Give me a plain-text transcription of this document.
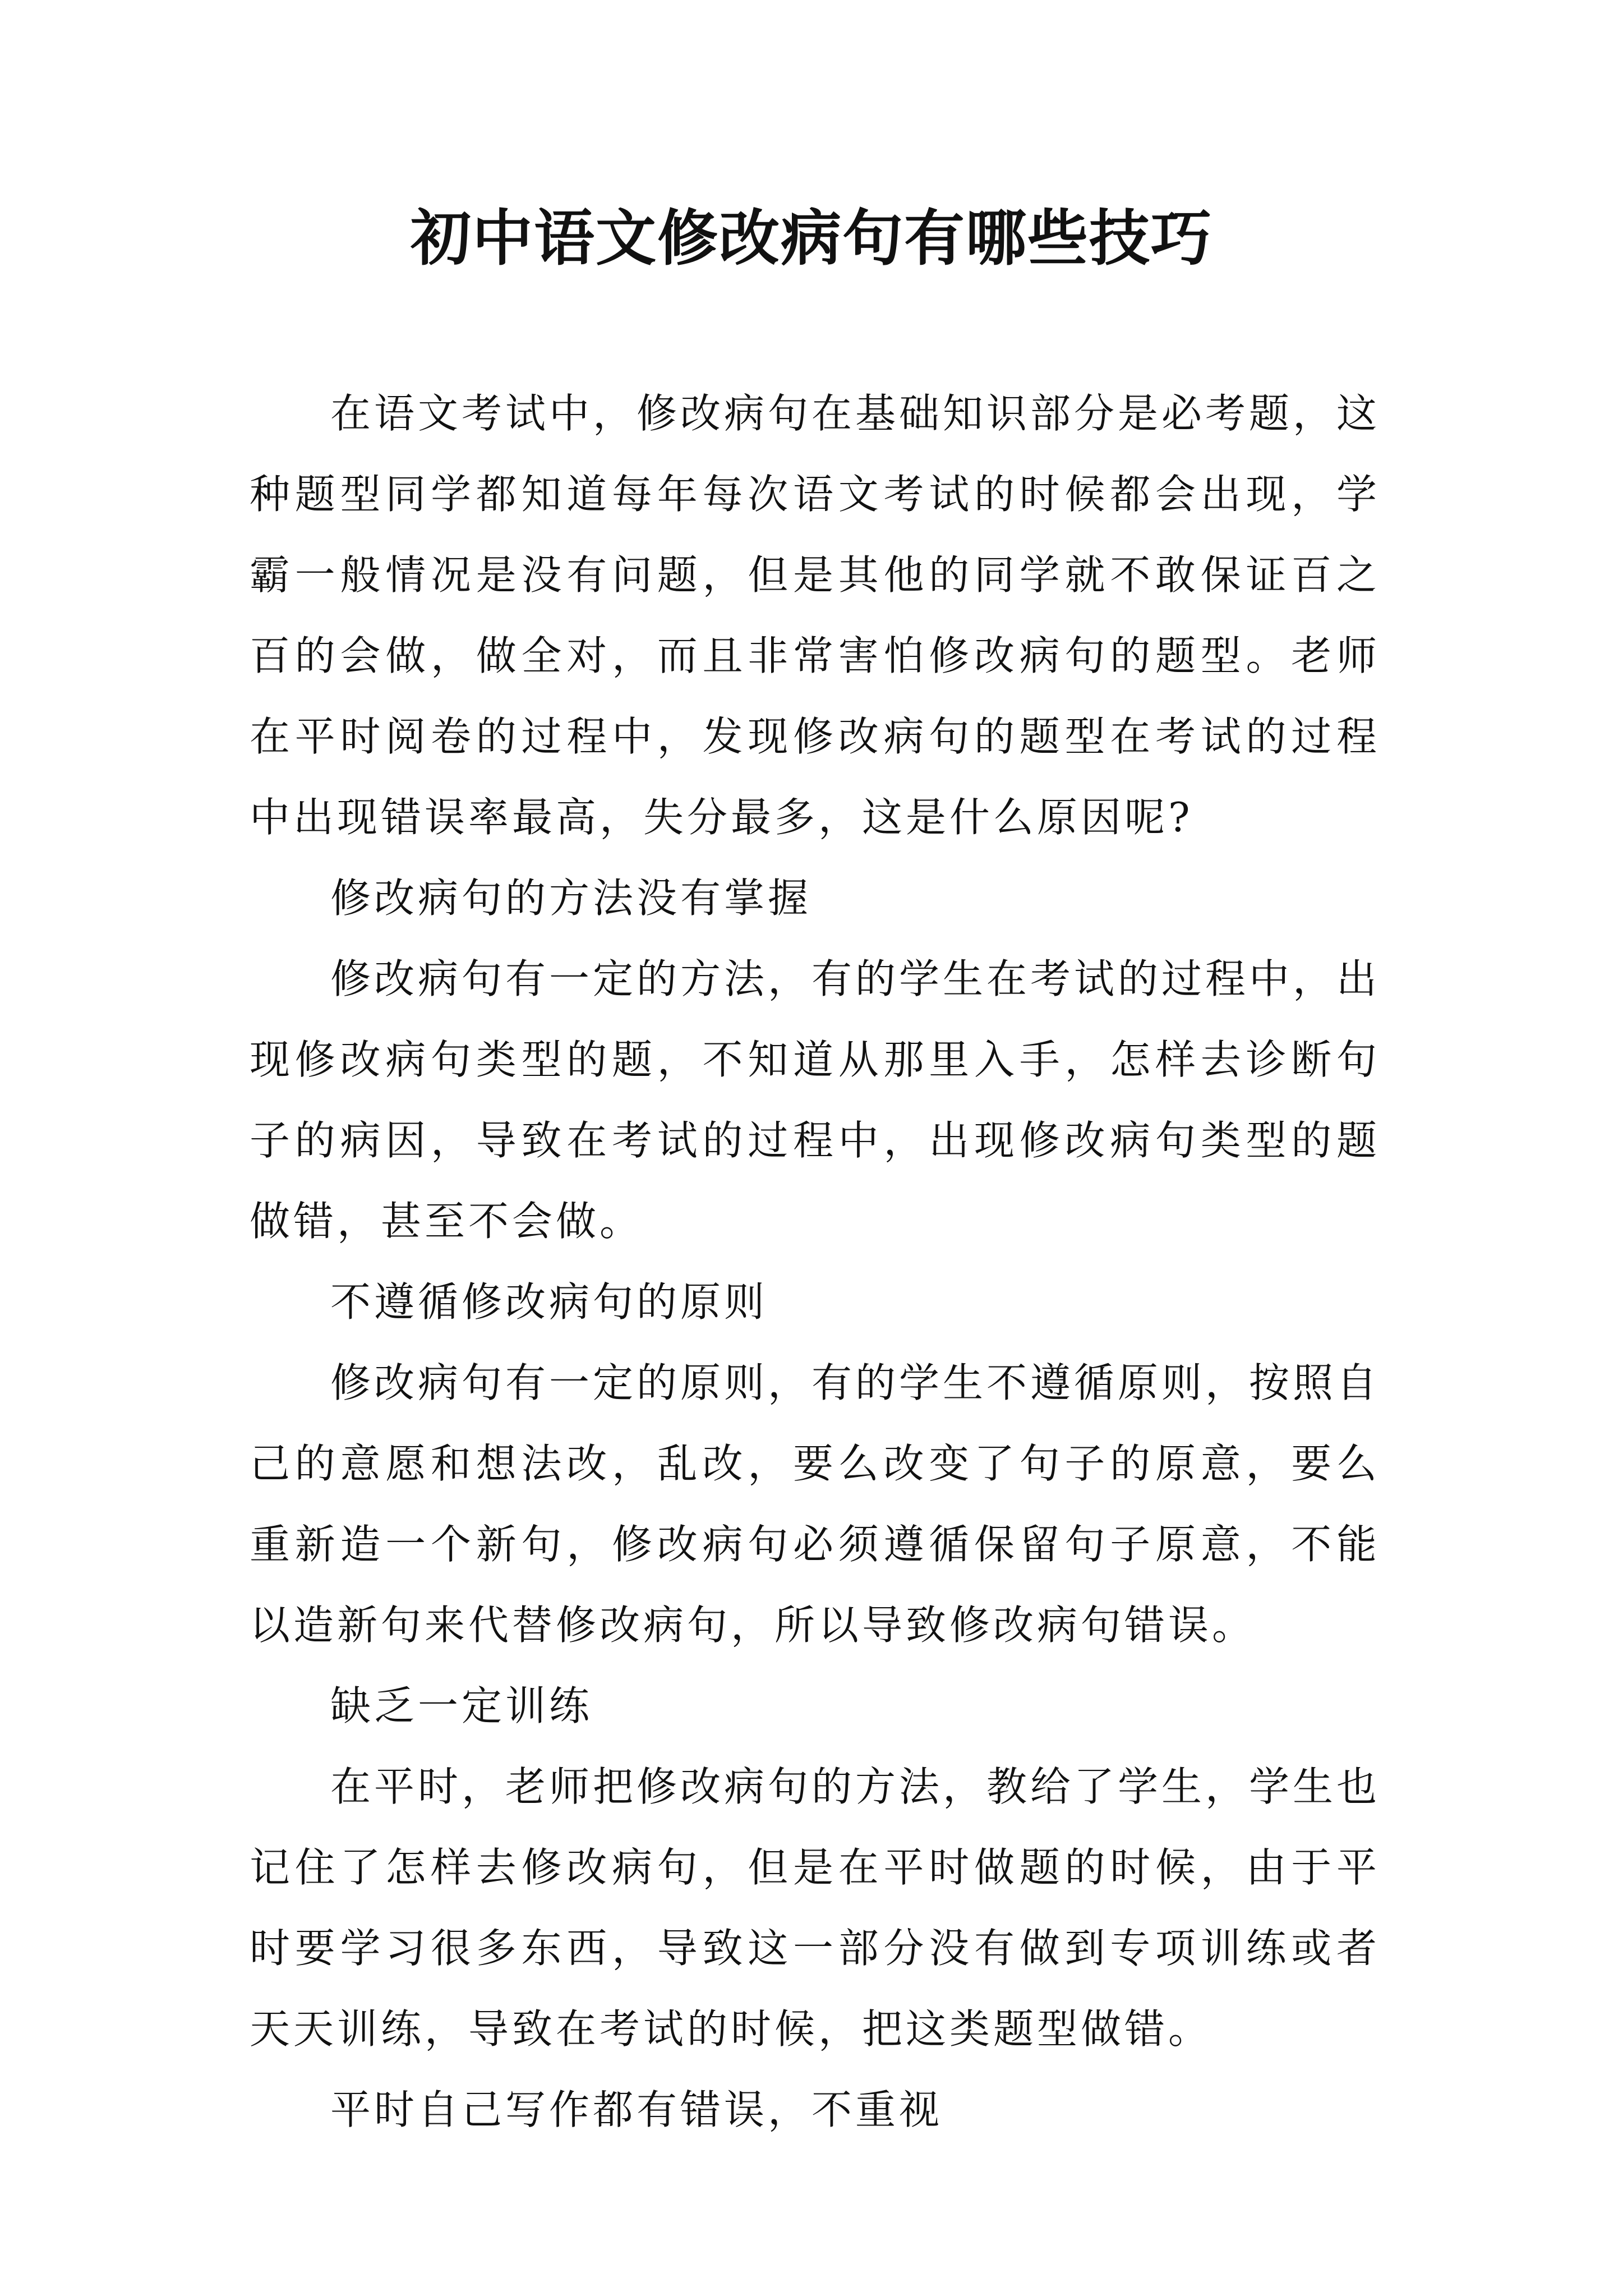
初中语文修改病句有哪些技巧

在语文考试中，修改病句在基础知识部分是必考题，这种题型同学都知道每年每次语文考试的时候都会出现，学霸一般情况是没有问题，但是其他的同学就不敢保证百之百的会做，做全对，而且非常害怕修改病句的题型。老师在平时阅卷的过程中，发现修改病句的题型在考试的过程中出现错误率最高，失分最多，这是什么原因呢?

修改病句的方法没有掌握

修改病句有一定的方法，有的学生在考试的过程中，出现修改病句类型的题，不知道从那里入手，怎样去诊断句子的病因，导致在考试的过程中，出现修改病句类型的题做错，甚至不会做。

不遵循修改病句的原则

修改病句有一定的原则，有的学生不遵循原则，按照自己的意愿和想法改，乱改，要么改变了句子的原意，要么重新造一个新句，修改病句必须遵循保留句子原意，不能以造新句来代替修改病句，所以导致修改病句错误。

缺乏一定训练

在平时，老师把修改病句的方法，教给了学生，学生也记住了怎样去修改病句，但是在平时做题的时候，由于平时要学习很多东西，导致这一部分没有做到专项训练或者天天训练，导致在考试的时候，把这类题型做错。

平时自己写作都有错误，不重视
